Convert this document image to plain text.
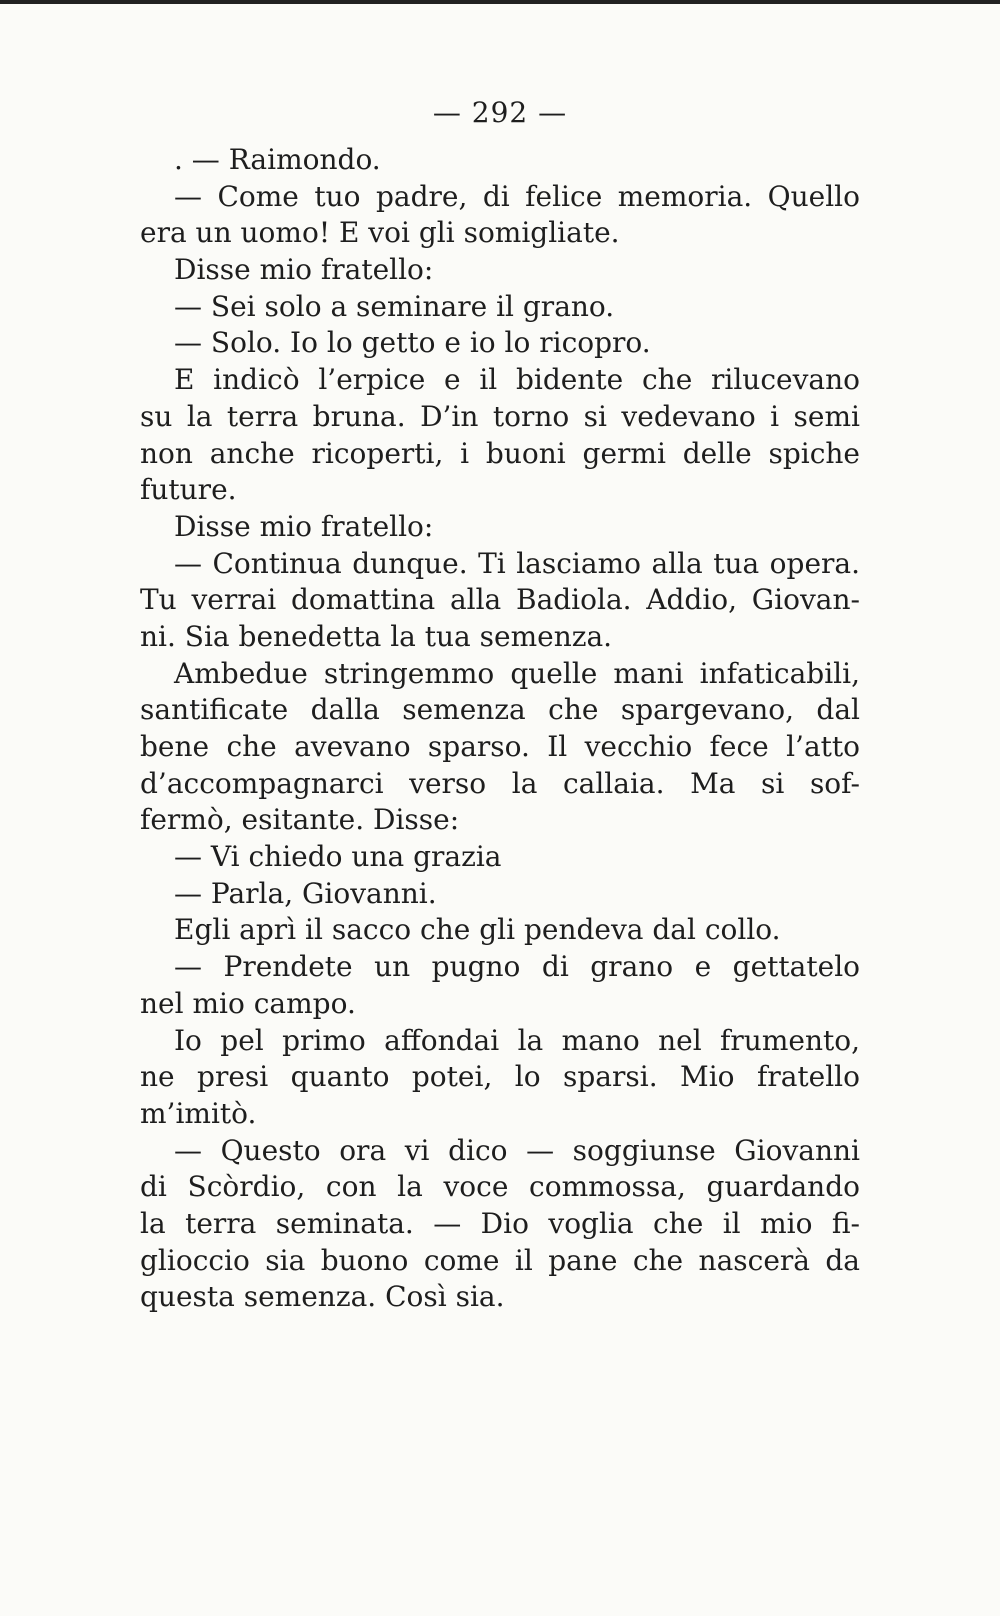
— 292 —
. — Raimondo.
— Come tuo padre, di felice memoria. Quello
era un uomo! E voi gli somigliate.
Disse mio fratello:
— Sei solo a seminare il grano.
— Solo. Io lo getto e io lo ricopro.
E indicò l’erpice e il bidente che rilucevano
su la terra bruna. D’in torno si vedevano i semi
non anche ricoperti, i buoni germi delle spiche
future.
Disse mio fratello:
— Continua dunque. Ti lasciamo alla tua opera.
Tu verrai domattina alla Badiola. Addio, Giovan-
ni. Sia benedetta la tua semenza.
Ambedue stringemmo quelle mani infaticabili,
santificate dalla semenza che spargevano, dal
bene che avevano sparso. Il vecchio fece l’atto
d’accompagnarci verso la callaia. Ma si sof-
fermò, esitante. Disse:
— Vi chiedo una grazia
— Parla, Giovanni.
Egli aprì il sacco che gli pendeva dal collo.
— Prendete un pugno di grano e gettatelo
nel mio campo.
Io pel primo affondai la mano nel frumento,
ne presi quanto potei, lo sparsi. Mio fratello
m’imitò.
— Questo ora vi dico — soggiunse Giovanni
di Scòrdio, con la voce commossa, guardando
la terra seminata. — Dio voglia che il mio fi-
glioccio sia buono come il pane che nascerà da
questa semenza. Così sia.
